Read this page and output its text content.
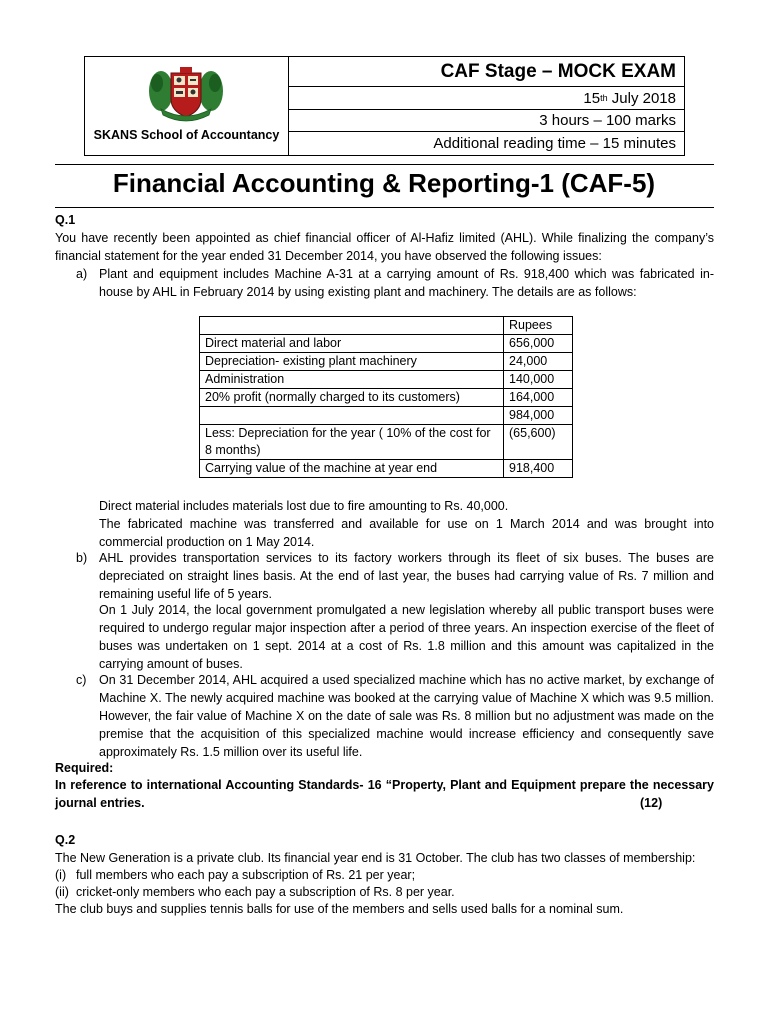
SKANS School of Accountancy
CAF Stage – MOCK EXAM
15 th July 2018
3 hours – 100 marks
Additional reading time – 15 minutes
Financial Accounting & Reporting-1 (CAF-5)
Q.1
You have recently been appointed as chief financial officer of Al-Hafiz limited (AHL). While finalizing the company’s financial statement for the year ended 31 December 2014, you have observed the following issues:
a) Plant and equipment includes Machine A-31 at a carrying amount of Rs. 918,400 which was fabricated in-house by AHL in February 2014 by using existing plant and machinery. The details are as follows:
	Rupees
Direct material and labor	656,000
Depreciation- existing plant machinery	24,000
Administration	140,000
20% profit (normally charged to its customers)	164,000
	984,000
Less: Depreciation for the year ( 10% of the cost for 8 months)	(65,600)
Carrying value of the machine at year end	918,400
Direct material includes materials lost due to fire amounting to Rs. 40,000.
The fabricated machine was transferred and available for use on 1 March 2014 and was brought into commercial production on 1 May 2014.
b) AHL provides transportation services to its factory workers through its fleet of six buses. The buses are depreciated on straight lines basis. At the end of last year, the buses had carrying value of Rs. 7 million and remaining useful life of 5 years.
On 1 July 2014, the local government promulgated a new legislation whereby all public transport buses were required to undergo regular major inspection after a period of three years. An inspection exercise of the fleet of buses was undertaken on 1 sept. 2014 at a cost of Rs. 1.8 million and this amount was capitalized in the carrying amount of buses.
c) On 31 December 2014, AHL acquired a used specialized machine which has no active market, by exchange of Machine X. The newly acquired machine was booked at the carrying value of Machine X which was 9.5 million. However, the fair value of Machine X on the date of sale was Rs. 8 million but no adjustment was made on the premise that the acquisition of this specialized machine would increase efficiency and consequently save approximately Rs. 1.5 million over its useful life.
Required:
In reference to international Accounting Standards- 16 “Property, Plant and Equipment prepare the necessary journal entries.	(12)
Q.2
The New Generation is a private club. Its financial year end is 31 October. The club has two classes of membership:
(i) full members who each pay a subscription of Rs. 21 per year;
(ii) cricket-only members who each pay a subscription of Rs. 8 per year.
The club buys and supplies tennis balls for use of the members and sells used balls for a nominal sum.
